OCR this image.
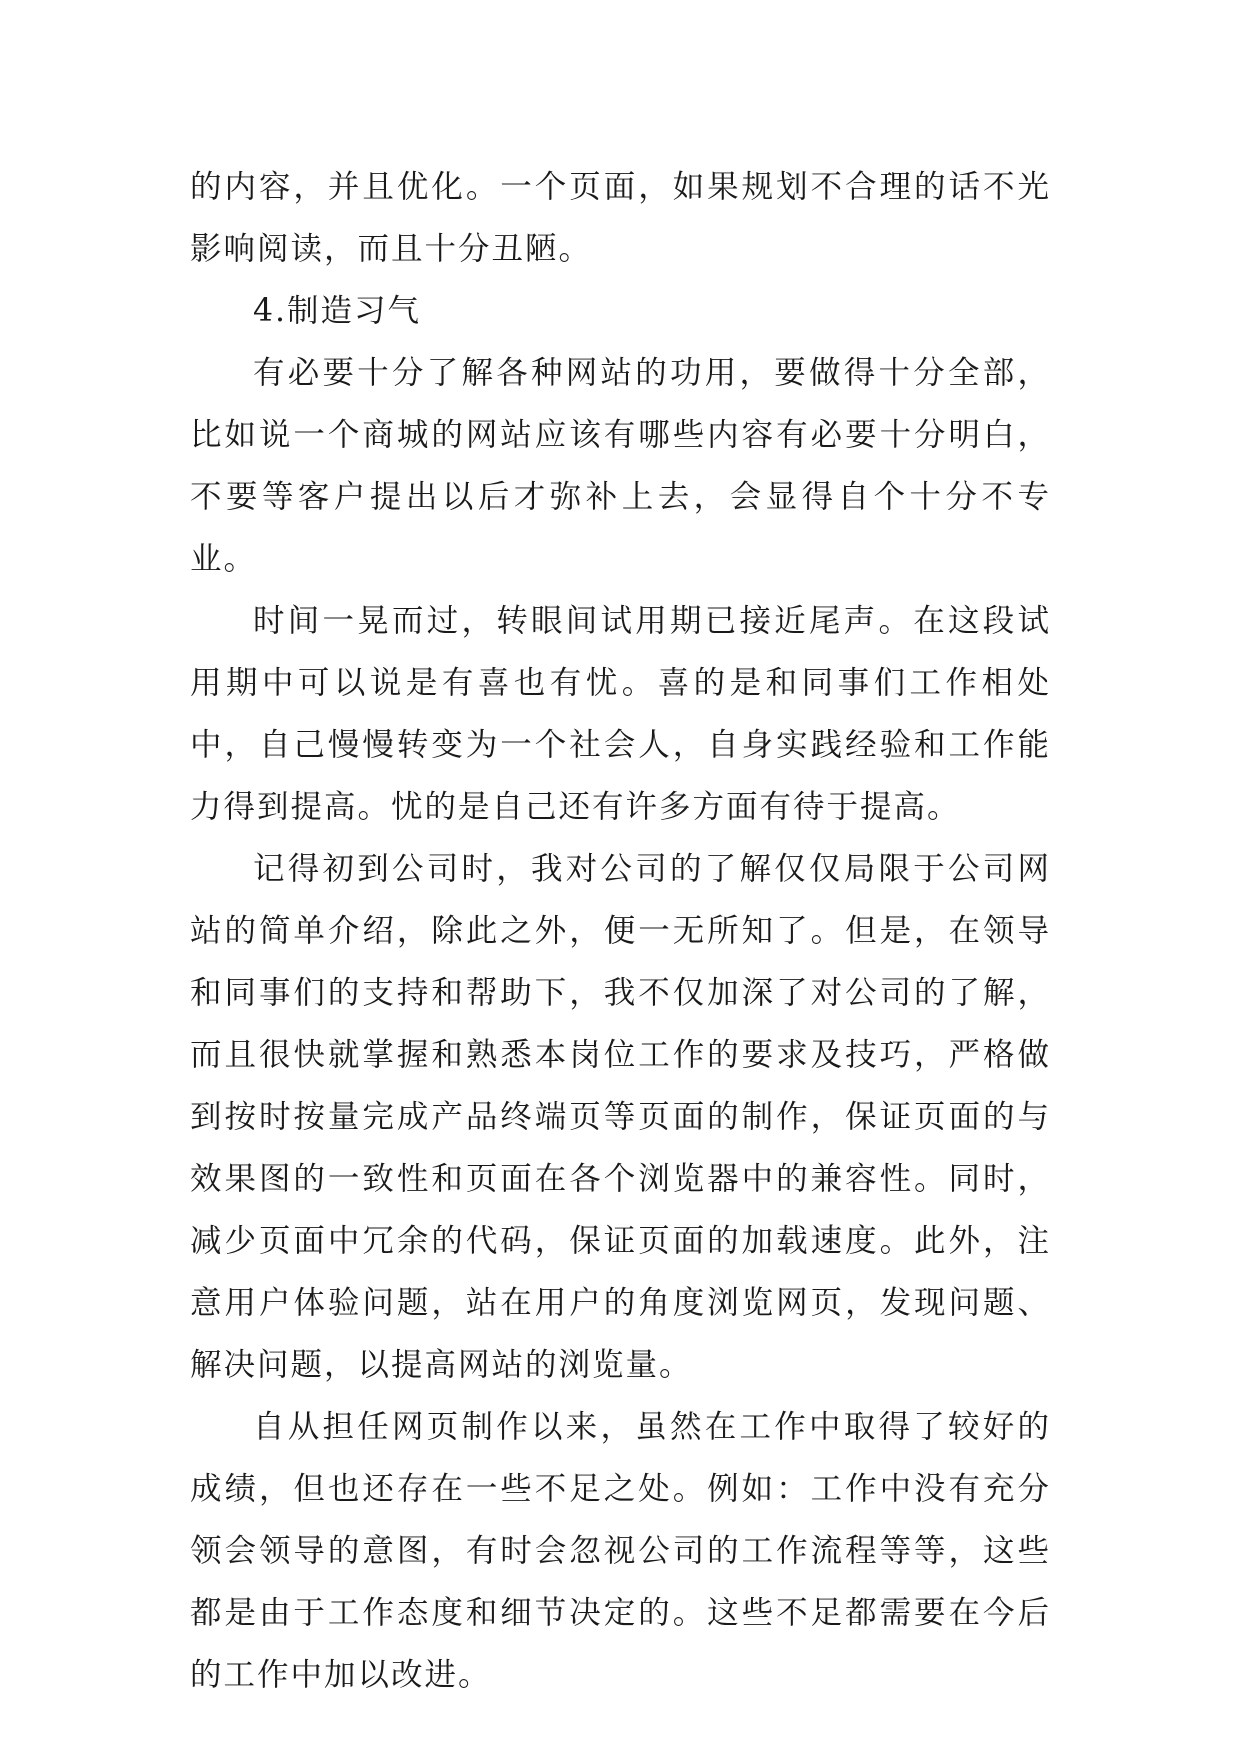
的内容，并且优化。一个页面，如果规划不合理的话不光影响阅读，而且十分丑陋。

4.制造习气

有必要十分了解各种网站的功用，要做得十分全部，比如说一个商城的网站应该有哪些内容有必要十分明白，不要等客户提出以后才弥补上去，会显得自个十分不专业。

时间一晃而过，转眼间试用期已接近尾声。在这段试用期中可以说是有喜也有忧。喜的是和同事们工作相处中，自己慢慢转变为一个社会人，自身实践经验和工作能力得到提高。忧的是自己还有许多方面有待于提高。

记得初到公司时，我对公司的了解仅仅局限于公司网站的简单介绍，除此之外，便一无所知了。但是，在领导和同事们的支持和帮助下，我不仅加深了对公司的了解，而且很快就掌握和熟悉本岗位工作的要求及技巧，严格做到按时按量完成产品终端页等页面的制作，保证页面的与效果图的一致性和页面在各个浏览器中的兼容性。同时，减少页面中冗余的代码，保证页面的加载速度。此外，注意用户体验问题，站在用户的角度浏览网页，发现问题、解决问题，以提高网站的浏览量。

自从担任网页制作以来，虽然在工作中取得了较好的成绩，但也还存在一些不足之处。例如：工作中没有充分领会领导的意图，有时会忽视公司的工作流程等等，这些都是由于工作态度和细节决定的。这些不足都需要在今后的工作中加以改进。
